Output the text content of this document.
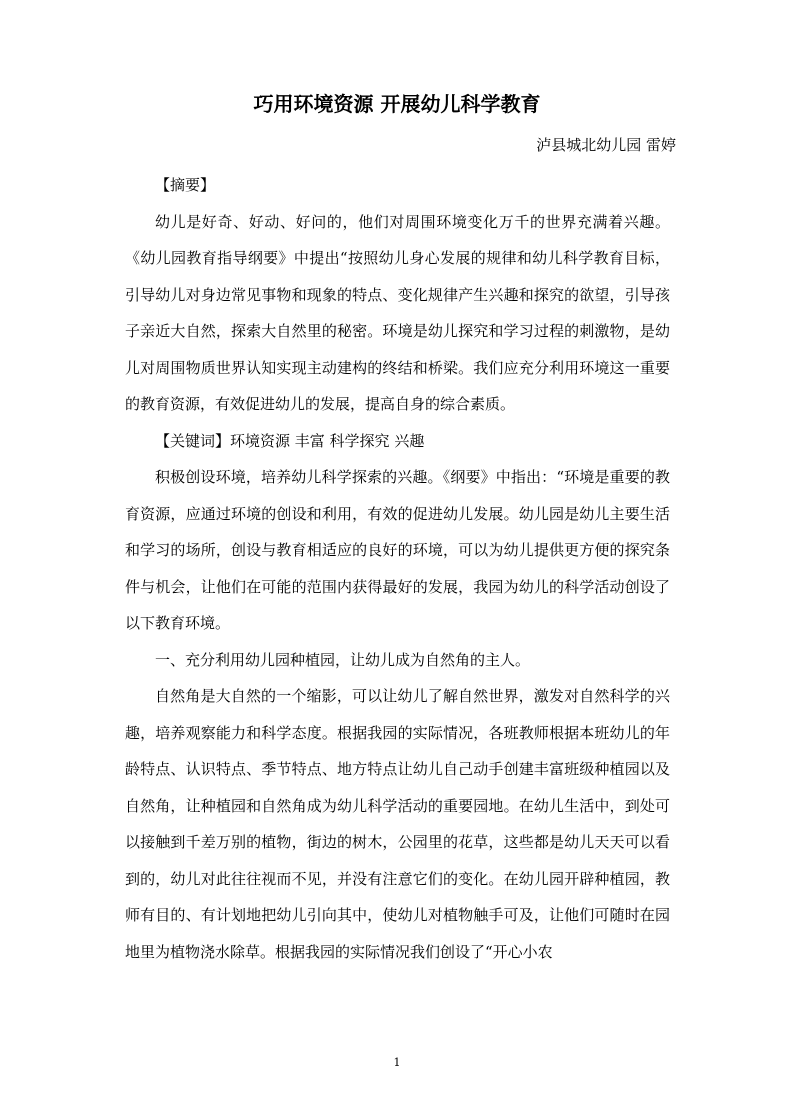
巧用环境资源 开展幼儿科学教育

泸县城北幼儿园 雷婷

【摘要】

幼儿是好奇、好动、好问的，他们对周围环境变化万千的世界充满着兴趣。《幼儿园教育指导纲要》中提出“按照幼儿身心发展的规律和幼儿科学教育目标，引导幼儿对身边常见事物和现象的特点、变化规律产生兴趣和探究的欲望，引导孩子亲近大自然，探索大自然里的秘密。环境是幼儿探究和学习过程的刺激物，是幼儿对周围物质世界认知实现主动建构的终结和桥梁。我们应充分利用环境这一重要的教育资源，有效促进幼儿的发展，提高自身的综合素质。

【关键词】环境资源 丰富 科学探究 兴趣

积极创设环境，培养幼儿科学探索的兴趣。《纲要》中指出：“环境是重要的教育资源，应通过环境的创设和利用，有效的促进幼儿发展。幼儿园是幼儿主要生活和学习的场所，创设与教育相适应的良好的环境，可以为幼儿提供更方便的探究条件与机会，让他们在可能的范围内获得最好的发展，我园为幼儿的科学活动创设了以下教育环境。

一、充分利用幼儿园种植园，让幼儿成为自然角的主人。

自然角是大自然的一个缩影，可以让幼儿了解自然世界，激发对自然科学的兴趣，培养观察能力和科学态度。根据我园的实际情况，各班教师根据本班幼儿的年龄特点、认识特点、季节特点、地方特点让幼儿自己动手创建丰富班级种植园以及自然角，让种植园和自然角成为幼儿科学活动的重要园地。在幼儿生活中，到处可以接触到千差万别的植物，街边的树木，公园里的花草，这些都是幼儿天天可以看到的，幼儿对此往往视而不见，并没有注意它们的变化。在幼儿园开辟种植园，教师有目的、有计划地把幼儿引向其中，使幼儿对植物触手可及，让他们可随时在园地里为植物浇水除草。根据我园的实际情况我们创设了“开心小农

1
